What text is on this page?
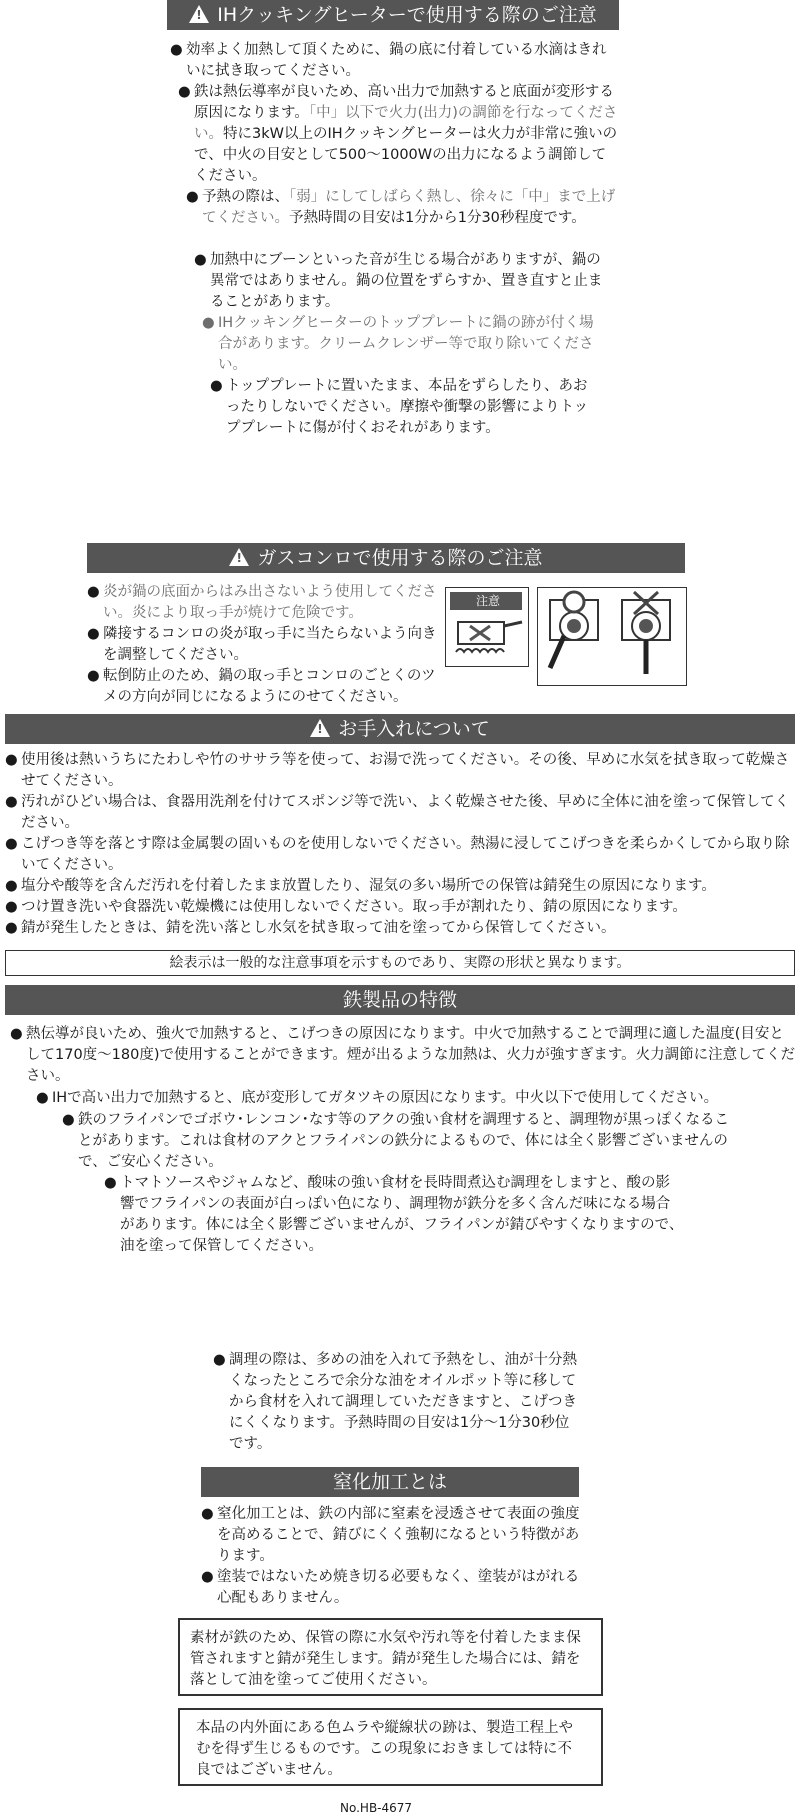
!IHクッキングヒーターで使用する際のご注意

● 効率よく加熱して頂くために、鍋の底に付着している水滴はきれいに拭き取ってください。

● 鉄は熱伝導率が良いため、高い出力で加熱すると底面が変形する原因になります。「中」以下で火力(出力)の調節を行なってください。特に3kW以上のIHクッキングヒーターは火力が非常に強いので、中火の目安として500〜1000Wの出力になるよう調節してください。

● 予熱の際は、「弱」にしてしばらく熱し、徐々に「中」まで上げてください。予熱時間の目安は1分から1分30秒程度です。

● 加熱中にブーンといった音が生じる場合がありますが、鍋の異常ではありません。鍋の位置をずらすか、置き直すと止まることがあります。

● IHクッキングヒーターのトッププレートに鍋の跡が付く場合があります。クリームクレンザー等で取り除いてください。

● トッププレートに置いたまま、本品をずらしたり、あおったりしないでください。摩擦や衝撃の影響によりトッププレートに傷が付くおそれがあります。

!ガスコンロで使用する際のご注意

● 炎が鍋の底面からはみ出さないよう使用してください。炎により取っ手が焼けて危険です。

● 隣接するコンロの炎が取っ手に当たらないよう向きを調整してください。

● 転倒防止のため、鍋の取っ手とコンロのごとくのツメの方向が同じになるようにのせてください。

注意
!お手入れについて

● 使用後は熱いうちにたわしや竹のササラ等を使って、お湯で洗ってください。その後、早めに水気を拭き取って乾燥させてください。

● 汚れがひどい場合は、食器用洗剤を付けてスポンジ等で洗い、よく乾燥させた後、早めに全体に油を塗って保管してください。

● こげつき等を落とす際は金属製の固いものを使用しないでください。熱湯に浸してこげつきを柔らかくしてから取り除いてください。

● 塩分や酸等を含んだ汚れを付着したまま放置したり、湿気の多い場所での保管は錆発生の原因になります。

● つけ置き洗いや食器洗い乾燥機には使用しないでください。取っ手が割れたり、錆の原因になります。

● 錆が発生したときは、錆を洗い落とし水気を拭き取って油を塗ってから保管してください。

絵表示は一般的な注意事項を示すものであり、実際の形状と異なります。
鉄製品の特徴

● 熱伝導が良いため、強火で加熱すると、こげつきの原因になります。中火で加熱することで調理に適した温度(目安として170度〜180度)で使用することができます。煙が出るような加熱は、火力が強すぎます。火力調節に注意してください。

● IHで高い出力で加熱すると、底が変形してガタツキの原因になります。中火以下で使用してください。

● 鉄のフライパンでゴボウ･レンコン･なす等のアクの強い食材を調理すると、調理物が黒っぽくなることがあります。これは食材のアクとフライパンの鉄分によるもので、体には全く影響ございませんので、ご安心ください。

● トマトソースやジャムなど、酸味の強い食材を長時間煮込む調理をしますと、酸の影響でフライパンの表面が白っぽい色になり、調理物が鉄分を多く含んだ味になる場合があります。体には全く影響ございませんが、フライパンが錆びやすくなりますので、油を塗って保管してください。

● 調理の際は、多めの油を入れて予熱をし、油が十分熱くなったところで余分な油をオイルポット等に移してから食材を入れて調理していただきますと、こげつきにくくなります。予熱時間の目安は1分〜1分30秒位です。

窒化加工とは

● 窒化加工とは、鉄の内部に窒素を浸透させて表面の強度を高めることで、錆びにくく強靭になるという特徴があります。

● 塗装ではないため焼き切る必要もなく、塗装がはがれる心配もありません。

素材が鉄のため、保管の際に水気や汚れ等を付着したまま保管されますと錆が発生します。錆が発生した場合には、錆を落として油を塗ってご使用ください。
本品の内外面にある色ムラや縦線状の跡は、製造工程上やむを得ず生じるものです。この現象におきましては特に不良ではございません。
No.HB-4677
